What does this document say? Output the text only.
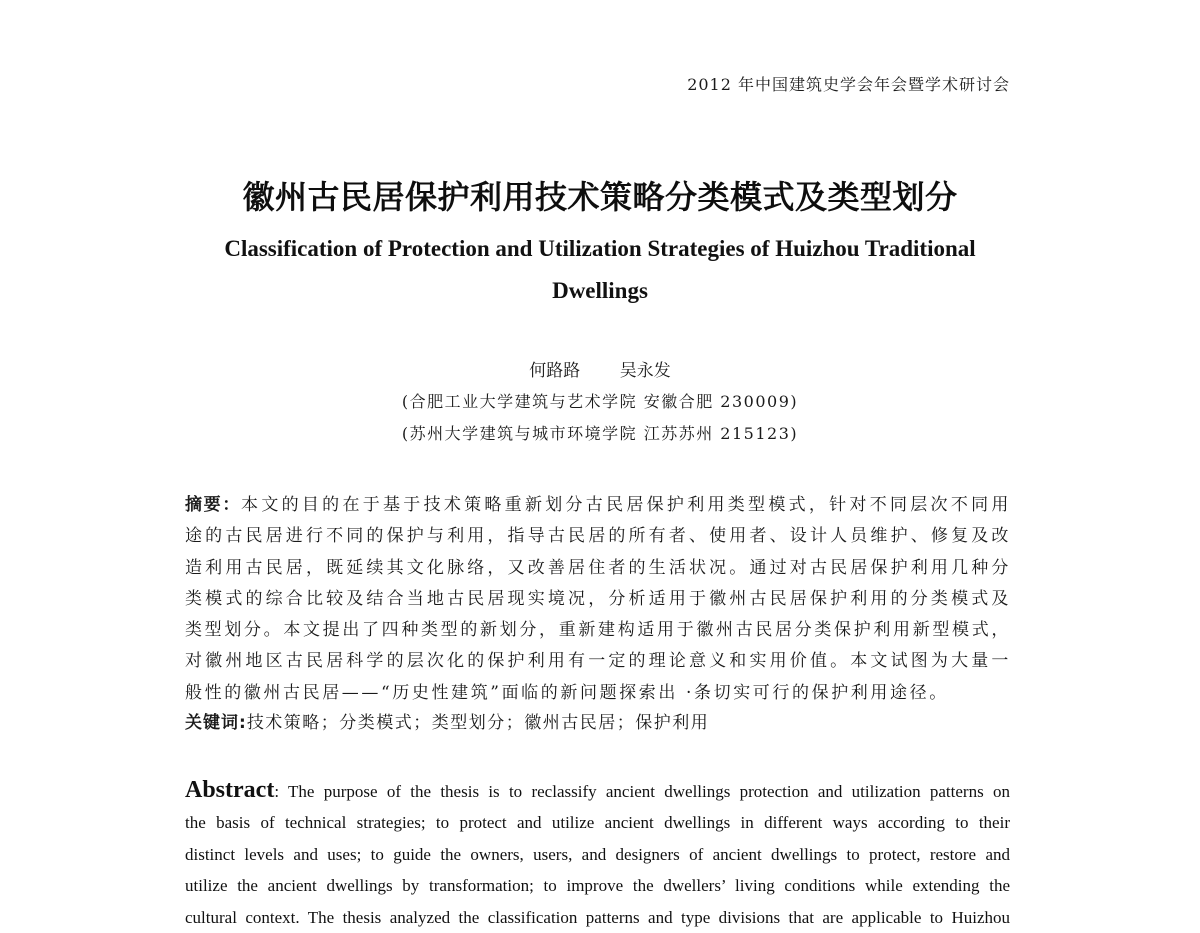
2012 年中国建筑史学会年会暨学术研讨会
徽州古民居保护利用技术策略分类模式及类型划分
Classification of Protection and Utilization Strategies of Huizhou Traditional
Dwellings
何路路 吴永发
(合肥工业大学建筑与艺术学院 安徽合肥 230009)
(苏州大学建筑与城市环境学院 江苏苏州 215123)
摘要：本文的目的在于基于技术策略重新划分古民居保护利用类型模式，针对不同层次不同用
途的古民居进行不同的保护与利用，指导古民居的所有者、使用者、设计人员维护、修复及改
造利用古民居，既延续其文化脉络，又改善居住者的生活状况。通过对古民居保护利用几种分
类模式的综合比较及结合当地古民居现实境况，分析适用于徽州古民居保护利用的分类模式及
类型划分。本文提出了四种类型的新划分，重新建构适用于徽州古民居分类保护利用新型模式，
对徽州地区古民居科学的层次化的保护利用有一定的理论意义和实用价值。本文试图为大量一
般性的徽州古民居——“历史性建筑”面临的新问题探索出 ·条切实可行的保护利用途径。
关键词:技术策略；分类模式；类型划分；徽州古民居；保护利用
Abstract: The purpose of the thesis is to reclassify ancient dwellings protection and utilization patterns on
the basis of technical strategies; to protect and utilize ancient dwellings in different ways according to their
distinct levels and uses; to guide the owners, users, and designers of ancient dwellings to protect, restore and
utilize the ancient dwellings by transformation; to improve the dwellers’ living conditions while extending the
cultural context. The thesis analyzed the classification patterns and type divisions that are applicable to Huizhou
